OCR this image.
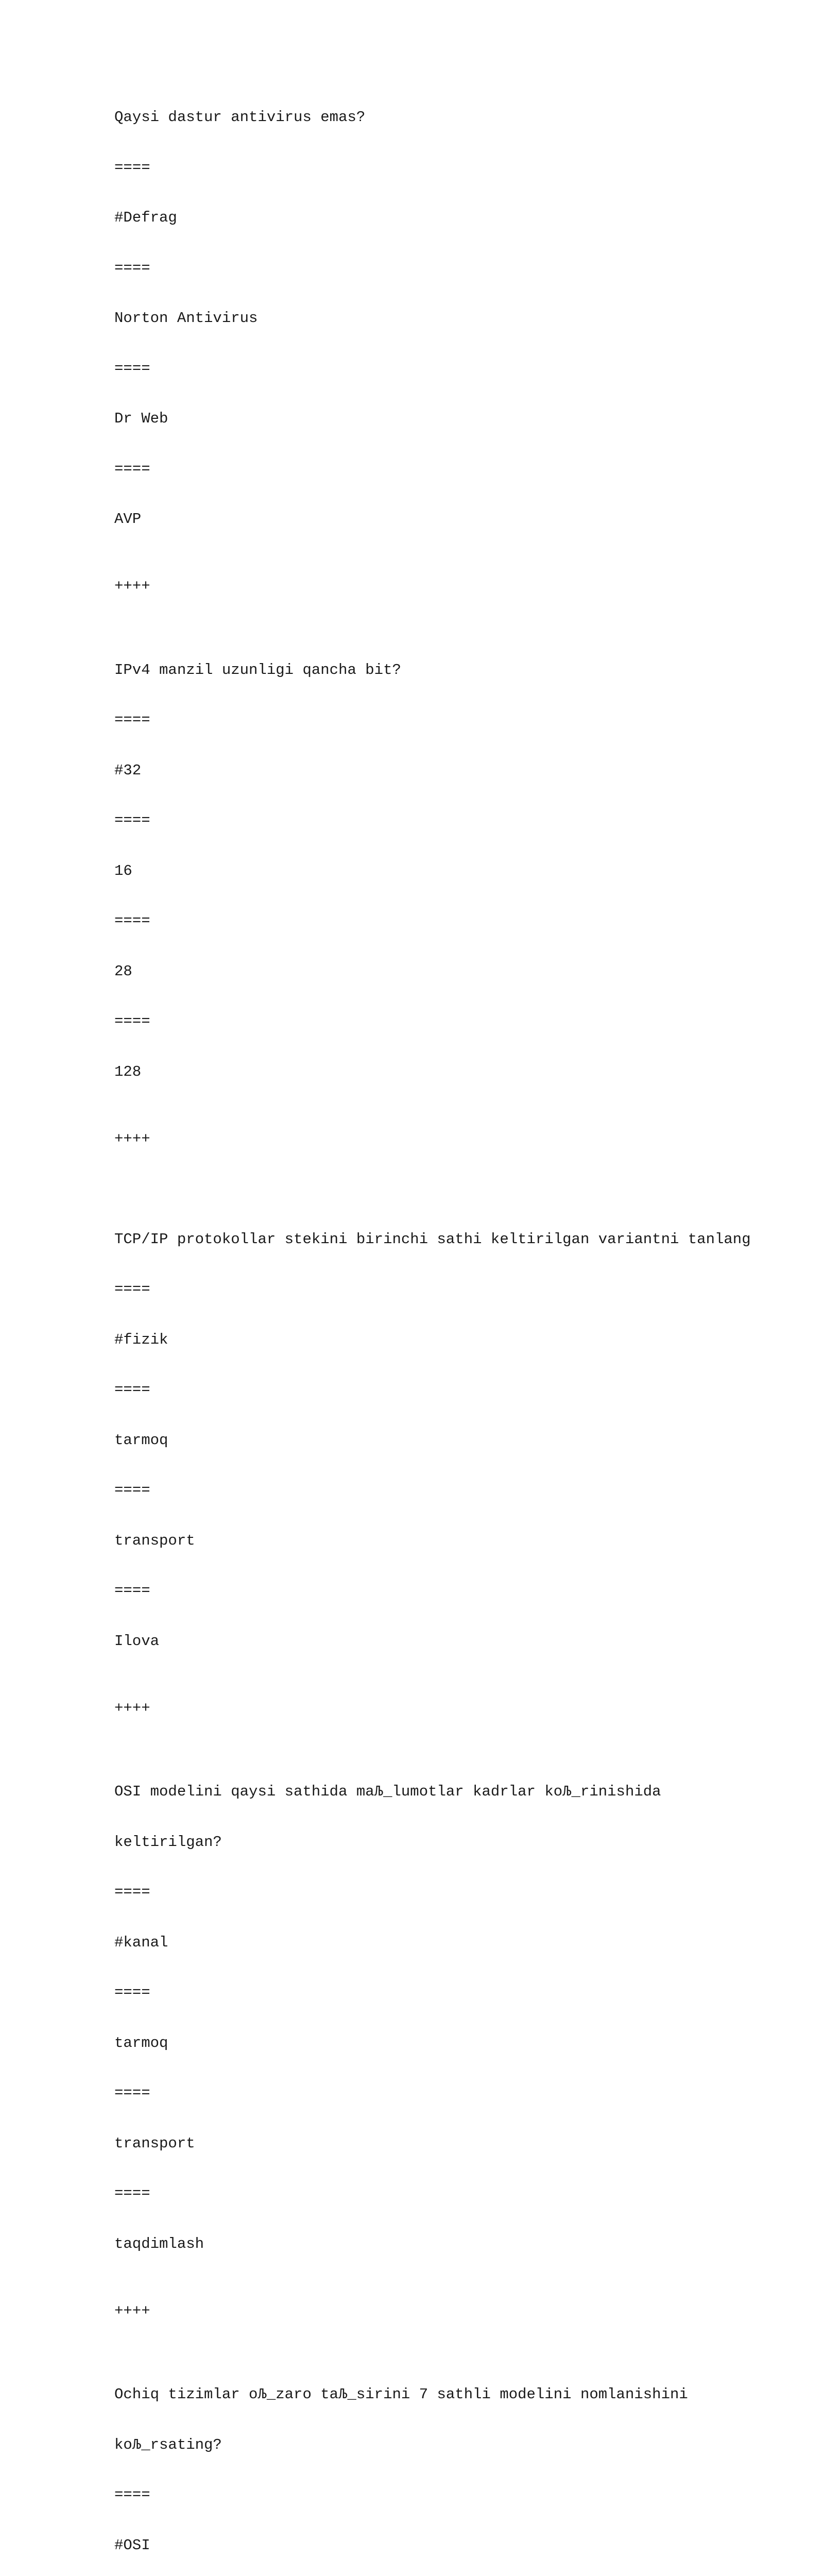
Qaysi dastur antivirus emas?

====

#Defrag

====

Norton Antivirus

====

Dr Web

====

AVP

++++

IPv4 manzil uzunligi qancha bit?

====

#32

====

16

====

28

====

128

++++

TCP/IP protokollar stekini birinchi sathi keltirilgan variantni tanlang

====

#fizik

====

tarmoq

====

transport

====

Ilova

++++

OSI modelini qaysi sathida maЉ_lumotlar kadrlar koЉ_rinishida

keltirilgan?

====

#kanal

====

tarmoq

====

transport

====

taqdimlash

++++

Ochiq tizimlar oЉ_zaro taЉ_sirini 7 sathli modelini nomlanishini

koЉ_rsating?

====

#OSI
